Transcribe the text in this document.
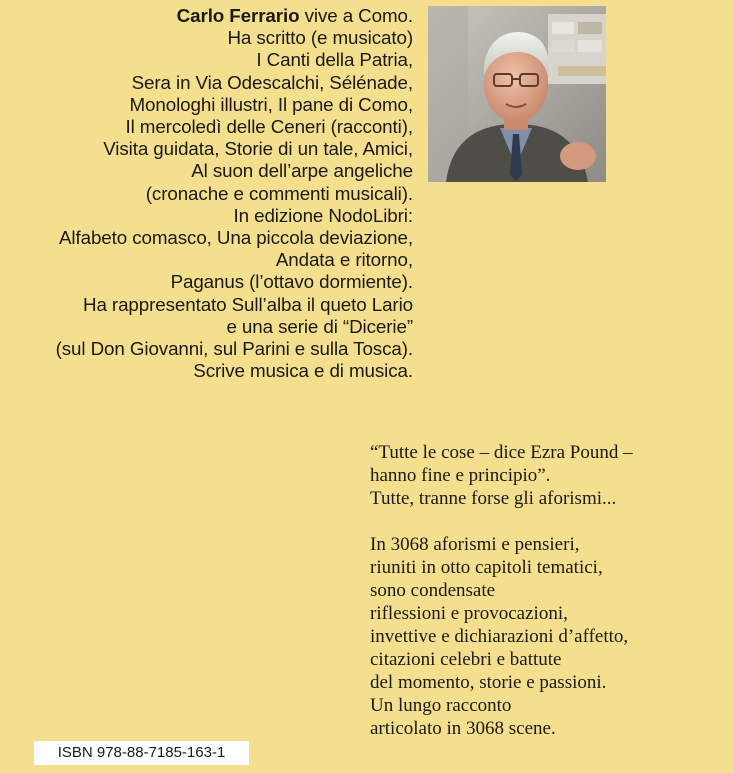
Carlo Ferrario vive a Como.
Ha scritto (e musicato)
I Canti della Patria,
Sera in Via Odescalchi, Sélénade,
Monologhi illustri, Il pane di Como,
Il mercoledì delle Ceneri (racconti),
Visita guidata, Storie di un tale, Amici,
Al suon dell’arpe angeliche
(cronache e commenti musicali).
In edizione NodoLibri:
Alfabeto comasco, Una piccola deviazione,
Andata e ritorno,
Paganus (l’ottavo dormiente).
Ha rappresentato Sull’alba il queto Lario
e una serie di “Dicerie”
(sul Don Giovanni, sul Parini e sulla Tosca).
Scrive musica e di musica.
“Tutte le cose – dice Ezra Pound –
hanno fine e principio”.
Tutte, tranne forse gli aforismi...
In 3068 aforismi e pensieri,
riuniti in otto capitoli tematici,
sono condensate
riflessioni e provocazioni,
invettive e dichiarazioni d’affetto,
citazioni celebri e battute
del momento, storie e passioni.
Un lungo racconto
articolato in 3068 scene.
ISBN 978-88-7185-163-1
